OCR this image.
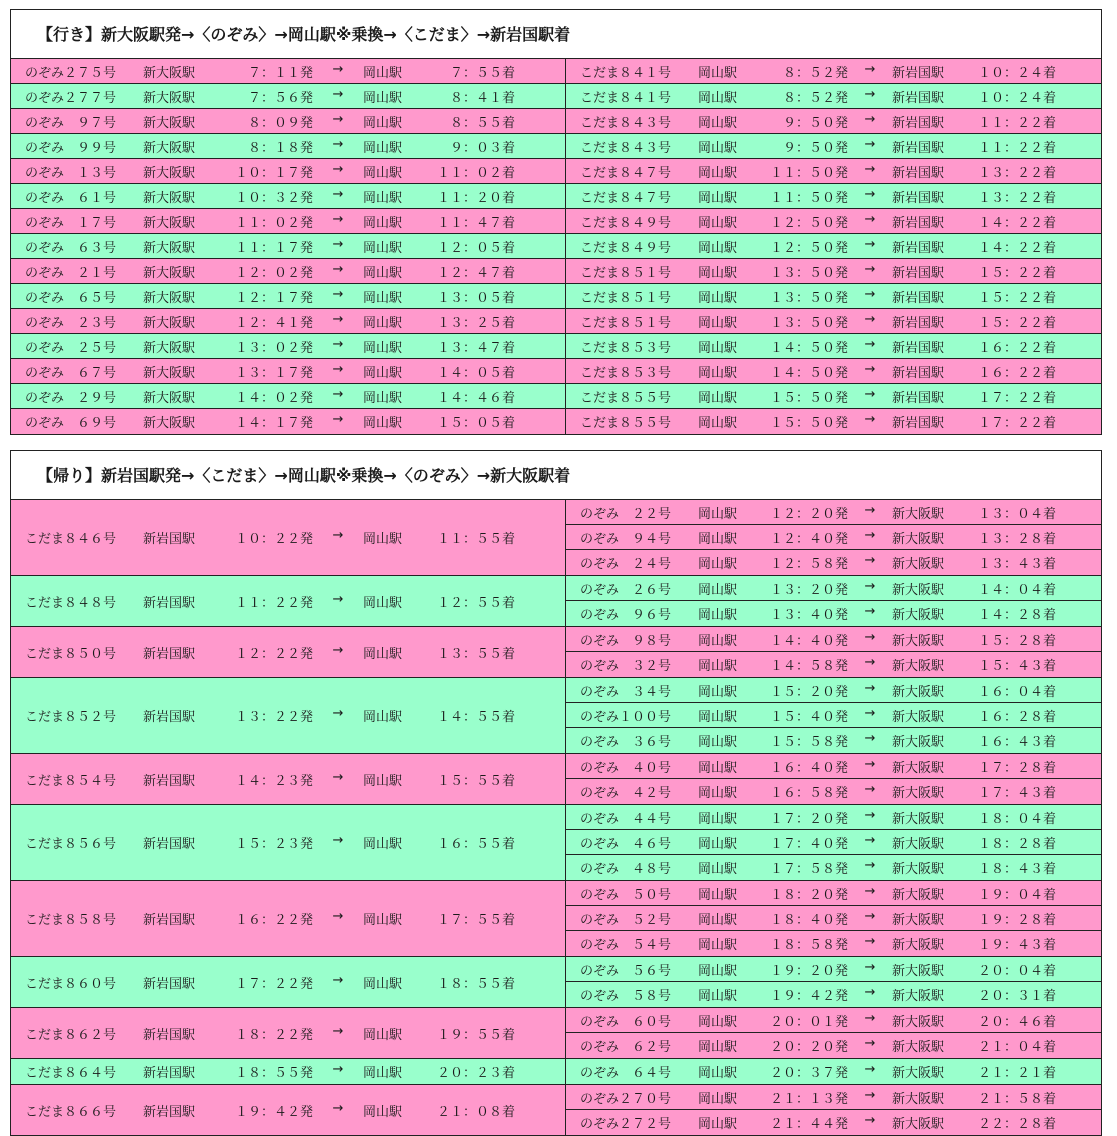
【行き】新大阪駅発→〈のぞみ〉→岡山駅※乗換→〈こだま〉→新岩国駅着
のぞみ２７５号	新大阪駅	７：１１発	→	岡山駅	７：５５着	こだま８４１号	岡山駅	８：５２発	→	新岩国駅	１０：２４着
のぞみ２７７号	新大阪駅	７：５６発	→	岡山駅	８：４１着	こだま８４１号	岡山駅	８：５２発	→	新岩国駅	１０：２４着
のぞみ　９７号	新大阪駅	８：０９発	→	岡山駅	８：５５着	こだま８４３号	岡山駅	９：５０発	→	新岩国駅	１１：２２着
のぞみ　９９号	新大阪駅	８：１８発	→	岡山駅	９：０３着	こだま８４３号	岡山駅	９：５０発	→	新岩国駅	１１：２２着
のぞみ　１３号	新大阪駅	１０：１７発	→	岡山駅	１１：０２着	こだま８４７号	岡山駅	１１：５０発	→	新岩国駅	１３：２２着
のぞみ　６１号	新大阪駅	１０：３２発	→	岡山駅	１１：２０着	こだま８４７号	岡山駅	１１：５０発	→	新岩国駅	１３：２２着
のぞみ　１７号	新大阪駅	１１：０２発	→	岡山駅	１１：４７着	こだま８４９号	岡山駅	１２：５０発	→	新岩国駅	１４：２２着
のぞみ　６３号	新大阪駅	１１：１７発	→	岡山駅	１２：０５着	こだま８４９号	岡山駅	１２：５０発	→	新岩国駅	１４：２２着
のぞみ　２１号	新大阪駅	１２：０２発	→	岡山駅	１２：４７着	こだま８５１号	岡山駅	１３：５０発	→	新岩国駅	１５：２２着
のぞみ　６５号	新大阪駅	１２：１７発	→	岡山駅	１３：０５着	こだま８５１号	岡山駅	１３：５０発	→	新岩国駅	１５：２２着
のぞみ　２３号	新大阪駅	１２：４１発	→	岡山駅	１３：２５着	こだま８５１号	岡山駅	１３：５０発	→	新岩国駅	１５：２２着
のぞみ　２５号	新大阪駅	１３：０２発	→	岡山駅	１３：４７着	こだま８５３号	岡山駅	１４：５０発	→	新岩国駅	１６：２２着
のぞみ　６７号	新大阪駅	１３：１７発	→	岡山駅	１４：０５着	こだま８５３号	岡山駅	１４：５０発	→	新岩国駅	１６：２２着
のぞみ　２９号	新大阪駅	１４：０２発	→	岡山駅	１４：４６着	こだま８５５号	岡山駅	１５：５０発	→	新岩国駅	１７：２２着
のぞみ　６９号	新大阪駅	１４：１７発	→	岡山駅	１５：０５着	こだま８５５号	岡山駅	１５：５０発	→	新岩国駅	１７：２２着
【帰り】新岩国駅発→〈こだま〉→岡山駅※乗換→〈のぞみ〉→新大阪駅着
こだま８４６号	新岩国駅	１０：２２発	→	岡山駅	１１：５５着
のぞみ　２２号	岡山駅	１２：２０発	→	新大阪駅	１３：０４着
のぞみ　９４号	岡山駅	１２：４０発	→	新大阪駅	１３：２８着
のぞみ　２４号	岡山駅	１２：５８発	→	新大阪駅	１３：４３着
こだま８４８号	新岩国駅	１１：２２発	→	岡山駅	１２：５５着
のぞみ　２６号	岡山駅	１３：２０発	→	新大阪駅	１４：０４着
のぞみ　９６号	岡山駅	１３：４０発	→	新大阪駅	１４：２８着
こだま８５０号	新岩国駅	１２：２２発	→	岡山駅	１３：５５着
のぞみ　９８号	岡山駅	１４：４０発	→	新大阪駅	１５：２８着
のぞみ　３２号	岡山駅	１４：５８発	→	新大阪駅	１５：４３着
こだま８５２号	新岩国駅	１３：２２発	→	岡山駅	１４：５５着
のぞみ　３４号	岡山駅	１５：２０発	→	新大阪駅	１６：０４着
のぞみ１００号	岡山駅	１５：４０発	→	新大阪駅	１６：２８着
のぞみ　３６号	岡山駅	１５：５８発	→	新大阪駅	１６：４３着
こだま８５４号	新岩国駅	１４：２３発	→	岡山駅	１５：５５着
のぞみ　４０号	岡山駅	１６：４０発	→	新大阪駅	１７：２８着
のぞみ　４２号	岡山駅	１６：５８発	→	新大阪駅	１７：４３着
こだま８５６号	新岩国駅	１５：２３発	→	岡山駅	１６：５５着
のぞみ　４４号	岡山駅	１７：２０発	→	新大阪駅	１８：０４着
のぞみ　４６号	岡山駅	１７：４０発	→	新大阪駅	１８：２８着
のぞみ　４８号	岡山駅	１７：５８発	→	新大阪駅	１８：４３着
こだま８５８号	新岩国駅	１６：２２発	→	岡山駅	１７：５５着
のぞみ　５０号	岡山駅	１８：２０発	→	新大阪駅	１９：０４着
のぞみ　５２号	岡山駅	１８：４０発	→	新大阪駅	１９：２８着
のぞみ　５４号	岡山駅	１８：５８発	→	新大阪駅	１９：４３着
こだま８６０号	新岩国駅	１７：２２発	→	岡山駅	１８：５５着
のぞみ　５６号	岡山駅	１９：２０発	→	新大阪駅	２０：０４着
のぞみ　５８号	岡山駅	１９：４２発	→	新大阪駅	２０：３１着
こだま８６２号	新岩国駅	１８：２２発	→	岡山駅	１９：５５着
のぞみ　６０号	岡山駅	２０：０１発	→	新大阪駅	２０：４６着
のぞみ　６２号	岡山駅	２０：２０発	→	新大阪駅	２１：０４着
こだま８６４号	新岩国駅	１８：５５発	→	岡山駅	２０：２３着	のぞみ　６４号	岡山駅	２０：３７発	→	新大阪駅	２１：２１着
こだま８６６号	新岩国駅	１９：４２発	→	岡山駅	２１：０８着
のぞみ２７０号	岡山駅	２１：１３発	→	新大阪駅	２１：５８着
のぞみ２７２号	岡山駅	２１：４４発	→	新大阪駅	２２：２８着
